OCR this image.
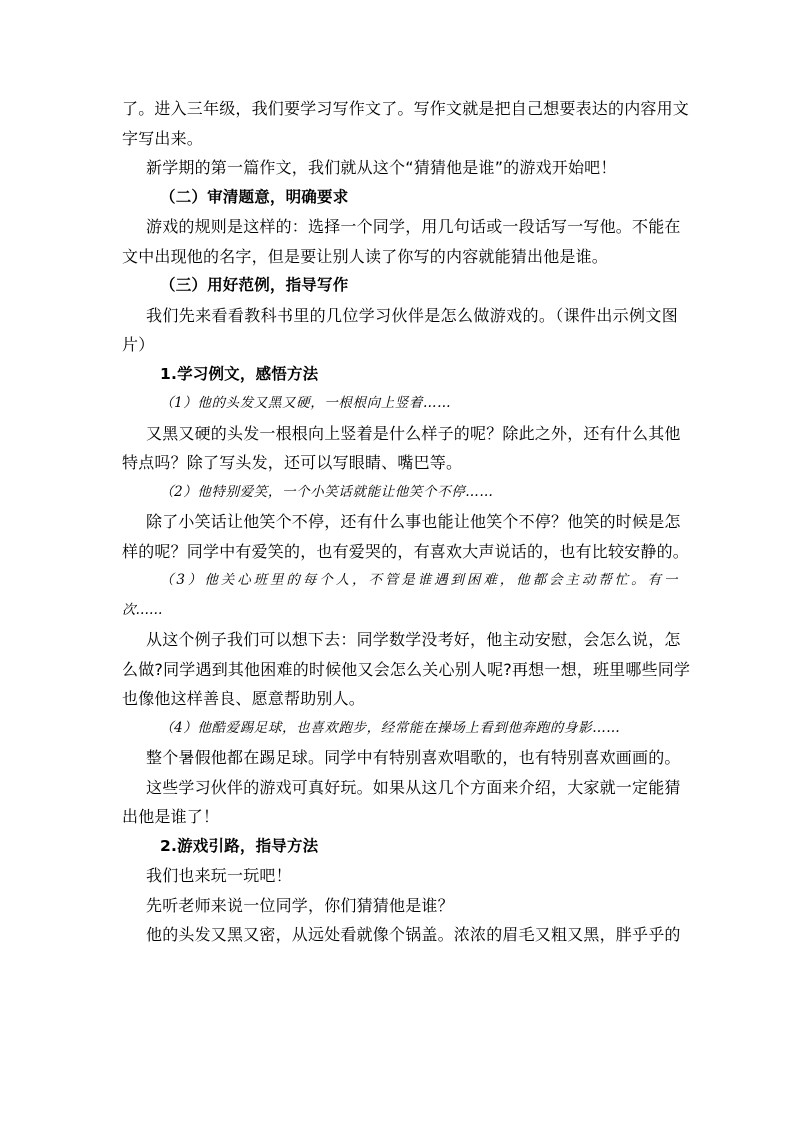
了。进入三年级，我们要学习写作文了。写作文就是把自己想要表达的内容用文
字写出来。
新学期的第一篇作文，我们就从这个“猜猜他是谁”的游戏开始吧！
（二）审清题意，明确要求
游戏的规则是这样的：选择一个同学，用几句话或一段话写一写他。不能在
文中出现他的名字，但是要让别人读了你写的内容就能猜出他是谁。
（三）用好范例，指导写作
我们先来看看教科书里的几位学习伙伴是怎么做游戏的。（课件出示例文图
片）
1.学习例文，感悟方法
（1）他的头发又黑又硬，一根根向上竖着……
又黑又硬的头发一根根向上竖着是什么样子的呢？除此之外，还有什么其他
特点吗？除了写头发，还可以写眼睛、嘴巴等。
（2）他特别爱笑，一个小笑话就能让他笑个不停……
除了小笑话让他笑个不停，还有什么事也能让他笑个不停？他笑的时候是怎
样的呢？同学中有爱笑的，也有爱哭的，有喜欢大声说话的，也有比较安静的。
（3）他关心班里的每个人，不管是谁遇到困难，他都会主动帮忙。有一
次……
从这个例子我们可以想下去：同学数学没考好，他主动安慰，会怎么说，怎
么做?同学遇到其他困难的时候他又会怎么关心别人呢?再想一想，班里哪些同学
也像他这样善良、愿意帮助别人。
（4）他酷爱踢足球，也喜欢跑步，经常能在操场上看到他奔跑的身影……
整个暑假他都在踢足球。同学中有特别喜欢唱歌的，也有特别喜欢画画的。
这些学习伙伴的游戏可真好玩。如果从这几个方面来介绍，大家就一定能猜
出他是谁了！
2.游戏引路，指导方法
我们也来玩一玩吧！
先听老师来说一位同学，你们猜猜他是谁？
他的头发又黑又密，从远处看就像个锅盖。浓浓的眉毛又粗又黑，胖乎乎的
